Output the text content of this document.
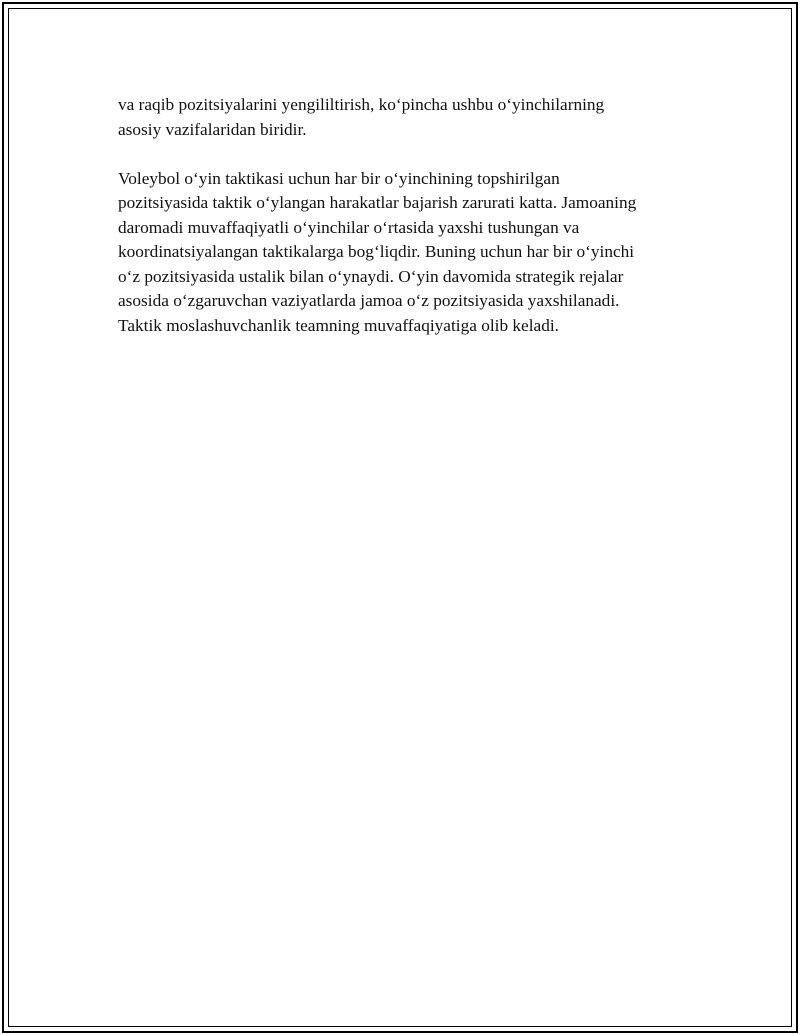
va raqib pozitsiyalarini yengililtirish, ko‘pincha ushbu o‘yinchilarning
asosiy vazifalaridan biridir.

Voleybol o‘yin taktikasi uchun har bir o‘yinchining topshirilgan
pozitsiyasida taktik o‘ylangan harakatlar bajarish zarurati katta. Jamoaning
daromadi muvaffaqiyatli o‘yinchilar o‘rtasida yaxshi tushungan va
koordinatsiyalangan taktikalarga bog‘liqdir. Buning uchun har bir o‘yinchi
o‘z pozitsiyasida ustalik bilan o‘ynaydi. O‘yin davomida strategik rejalar
asosida o‘zgaruvchan vaziyatlarda jamoa o‘z pozitsiyasida yaxshilanadi.
Taktik moslashuvchanlik teamning muvaffaqiyatiga olib keladi.
